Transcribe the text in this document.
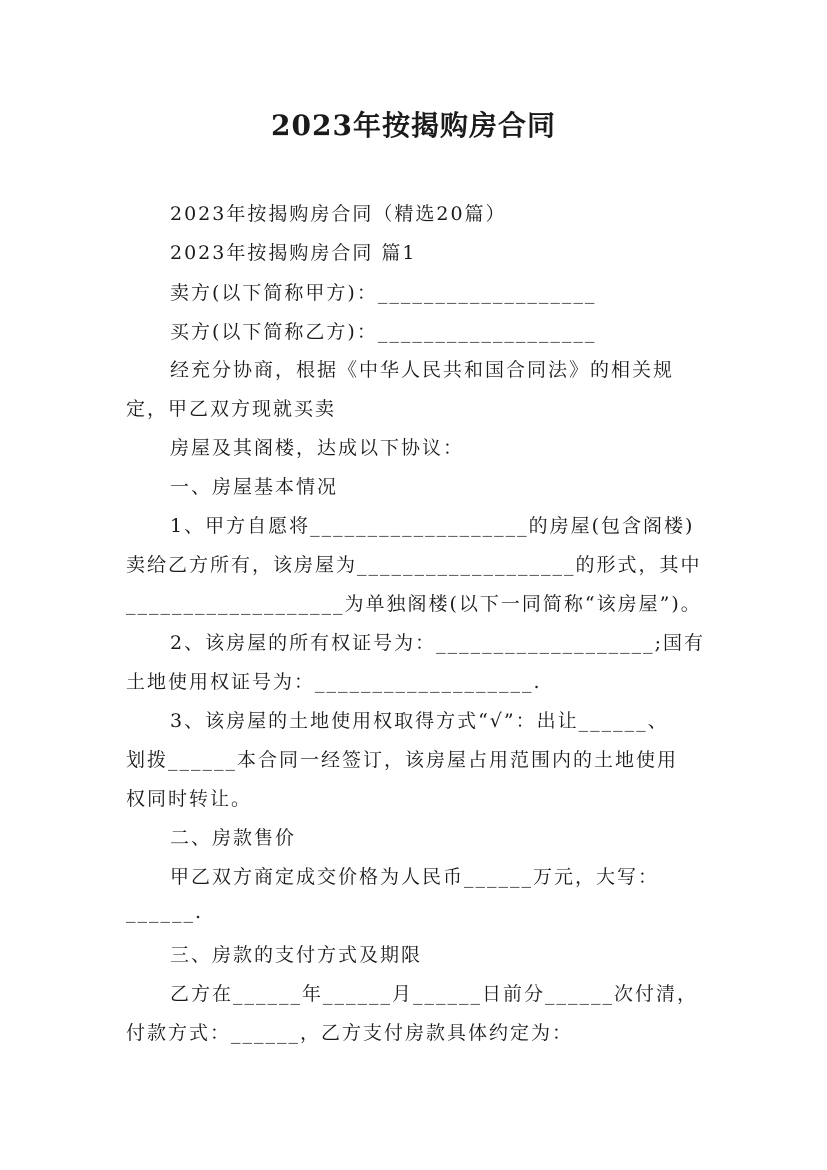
2023年按揭购房合同
2023年按揭购房合同（精选20篇）
2023年按揭购房合同 篇1
卖方(以下简称甲方)：___________________
买方(以下简称乙方)：___________________
经充分协商，根据《中华人民共和国合同法》的相关规
定，甲乙双方现就买卖
房屋及其阁楼，达成以下协议：
一、房屋基本情况
1、甲方自愿将___________________的房屋(包含阁楼)
卖给乙方所有，该房屋为___________________的形式，其中
___________________为单独阁楼(以下一同简称“该房屋”)。
2、该房屋的所有权证号为：___________________;国有
土地使用权证号为：___________________.
3、该房屋的土地使用权取得方式“√”：出让______、
划拨______本合同一经签订，该房屋占用范围内的土地使用
权同时转让。
二、房款售价
甲乙双方商定成交价格为人民币______万元，大写：
______.
三、房款的支付方式及期限
乙方在______年______月______日前分______次付清，
付款方式：______，乙方支付房款具体约定为：
